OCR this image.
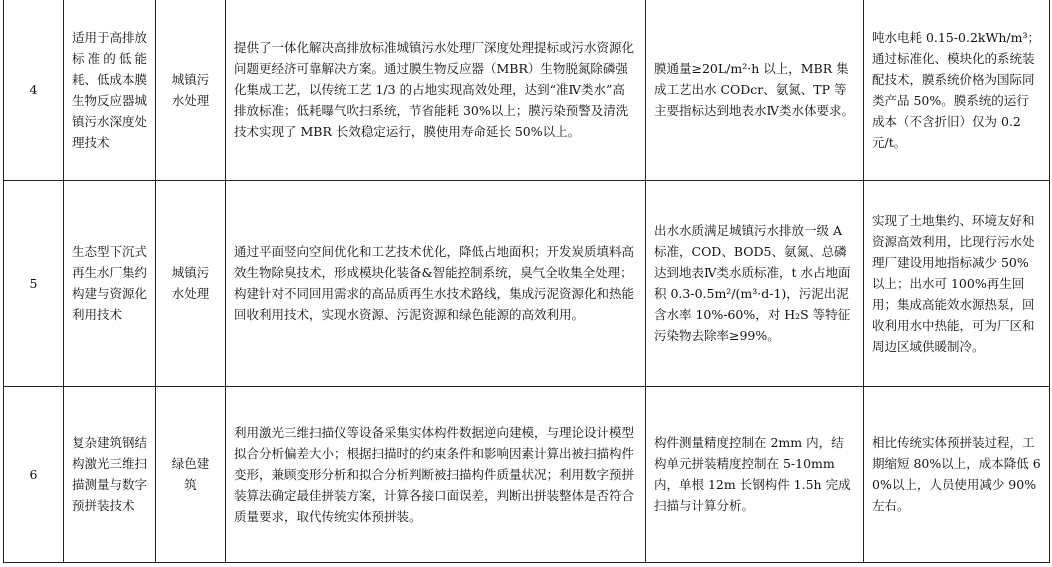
4	适用于高排放标准的低能耗、低成本膜生物反应器城镇污水深度处理技术	城镇污水处理	提供了一体化解决高排放标准城镇污水处理厂深度处理提标或污水资源化问题更经济可靠解决方案。通过膜生物反应器（MBR）生物脱氮除磷强化集成工艺，以传统工艺 1/3 的占地实现高效处理，达到“准Ⅳ类水”高排放标准；低耗曝气吹扫系统，节省能耗 30%以上；膜污染预警及清洗技术实现了 MBR 长效稳定运行，膜使用寿命延长 50%以上。	膜通量≥20L/m²·h 以上，MBR 集成工艺出水 CODcr、氨氮、TP 等主要指标达到地表水Ⅳ类水体要求。	吨水电耗 0.15-0.2kWh/m³；通过标准化、模块化的系统装配技术，膜系统价格为国际同类产品 50%。膜系统的运行成本（不含折旧）仅为 0.2 元/t。
5	生态型下沉式再生水厂集约构建与资源化利用技术	城镇污水处理	通过平面竖向空间优化和工艺技术优化，降低占地面积；开发炭质填料高效生物除臭技术，形成模块化装备&智能控制系统，臭气全收集全处理；构建针对不同回用需求的高品质再生水技术路线，集成污泥资源化和热能回收利用技术，实现水资源、污泥资源和绿色能源的高效利用。	出水水质满足城镇污水排放一级 A 标准，COD、BOD5、氨氮、总磷达到地表Ⅳ类水质标准，t 水占地面积 0.3-0.5m²/(m³·d-1)，污泥出泥含水率 10%-60%，对 H₂S 等特征污染物去除率≥99%。	实现了土地集约、环境友好和资源高效利用，比现行污水处理厂建设用地指标减少 50%以上；出水可 100%再生回用；集成高能效水源热泵，回收利用水中热能，可为厂区和周边区域供暖制冷。
6	复杂建筑钢结构激光三维扫描测量与数字预拼装技术	绿色建筑	利用激光三维扫描仪等设备采集实体构件数据逆向建模，与理论设计模型拟合分析偏差大小；根据扫描时的约束条件和影响因素计算出被扫描构件变形，兼顾变形分析和拟合分析判断被扫描构件质量状况；利用数字预拼装算法确定最佳拼装方案，计算各接口面误差，判断出拼装整体是否符合质量要求，取代传统实体预拼装。	构件测量精度控制在 2mm 内，结构单元拼装精度控制在 5-10mm 内，单根 12m 长钢构件 1.5h 完成扫描与计算分析。	相比传统实体预拼装过程，工期缩短 80%以上，成本降低 60%以上，人员使用减少 90%左右。
